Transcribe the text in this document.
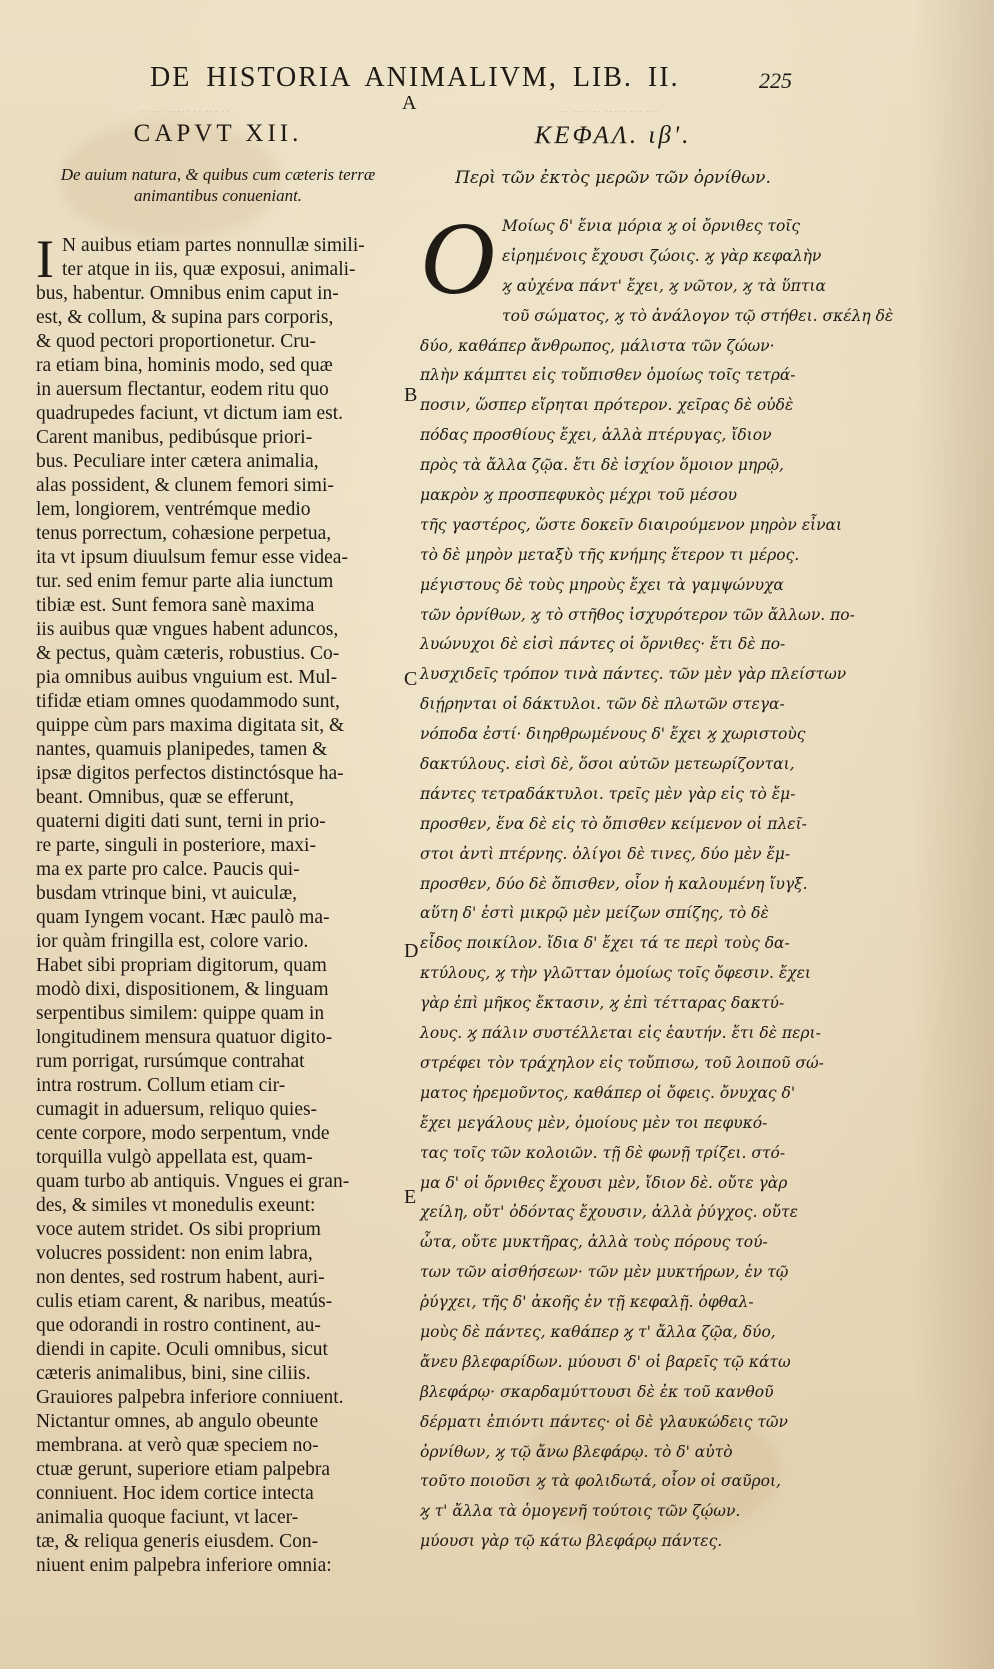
·· ··· ····· ·· ··· ··	·· ···· ·· ····· ··· ···
DE HISTORIA ANIMALIVM, LIB. II.	225
CAPVT XII.
De auium natura, & quibus cum cæteris terræ
animantibus conueniant.
I N auibus etiam partes nonnullæ simili-
ter atque in iis, quæ exposui, animali-
bus, habentur. Omnibus enim caput in-
est, & collum, & supina pars corporis,
& quod pectori proportionetur. Cru-
ra etiam bina, hominis modo, sed quæ
in auersum flectantur, eodem ritu quo
quadrupedes faciunt, vt dictum iam est.
Carent manibus, pedibúsque priori-
bus. Peculiare inter cætera animalia,
alas possident, & clunem femori simi-
lem, longiorem, ventrémque medio
tenus porrectum, cohæsione perpetua,
ita vt ipsum diuulsum femur esse videa-
tur. sed enim femur parte alia iunctum
tibiæ est. Sunt femora sanè maxima
iis auibus quæ vngues habent aduncos,
& pectus, quàm cæteris, robustius. Co-
pia omnibus auibus vnguium est. Mul-
tifidæ etiam omnes quodammodo sunt,
quippe cùm pars maxima digitata sit, &
nantes, quamuis planipedes, tamen &
ipsæ digitos perfectos distinctósque ha-
beant. Omnibus, quæ se efferunt,
quaterni digiti dati sunt, terni in prio-
re parte, singuli in posteriore, maxi-
ma ex parte pro calce. Paucis qui-
busdam vtrinque bini, vt auiculæ,
quam Iyngem vocant. Hæc paulò ma-
ior quàm fringilla est, colore vario.
Habet sibi propriam digitorum, quam
modò dixi, dispositionem, & linguam
serpentibus similem: quippe quam in
longitudinem mensura quatuor digito-
rum porrigat, rursúmque contrahat
intra rostrum. Collum etiam cir-
cumagit in aduersum, reliquo quies-
cente corpore, modo serpentum, vnde
torquilla vulgò appellata est, quam-
quam turbo ab antiquis. Vngues ei gran-
des, & similes vt monedulis exeunt:
voce autem stridet. Os sibi proprium
volucres possident: non enim labra,
non dentes, sed rostrum habent, auri-
culis etiam carent, & naribus, meatús-
que odorandi in rostro continent, au-
diendi in capite. Oculi omnibus, sicut
cæteris animalibus, bini, sine ciliis.
Grauiores palpebra inferiore conniuent.
Nictantur omnes, ab angulo obeunte
membrana. at verò quæ speciem no-
ctuæ gerunt, superiore etiam palpebra
conniuent. Hoc idem cortice intecta
animalia quoque faciunt, vt lacer-
tæ, & reliqua generis eiusdem. Con-
niuent enim palpebra inferiore omnia:
A
B
C
D
E
ΚΕΦΑΛ. ιβ'.
Περὶ τῶν ἐκτὸς μερῶν τῶν ὀρνίθων.
Ο Μοίως δ' ἔνια μόρια ϗ οἱ ὄρνιθες τοῖς
εἰρημένοις ἔχουσι ζώοις. ϗ γὰρ κεφαλὴν
ϗ αὐχένα πάντ' ἔχει, ϗ νῶτον, ϗ τὰ ὕπτια
τοῦ σώματος, ϗ τὸ ἀνάλογον τῷ στήθει. σκέλη δὲ
δύο, καθάπερ ἄνθρωπος, μάλιστα τῶν ζώων·
πλὴν κάμπτει εἰς τοὔπισθεν ὁμοίως τοῖς τετρά-
ποσιν, ὥσπερ εἴρηται πρότερον. χεῖρας δὲ οὐδὲ
πόδας προσθίους ἔχει, ἀλλὰ πτέρυγας, ἴδιον
πρὸς τὰ ἄλλα ζῷα. ἔτι δὲ ἰσχίον ὅμοιον μηρῷ,
μακρὸν ϗ προσπεφυκὸς μέχρι τοῦ μέσου
τῆς γαστέρος, ὥστε δοκεῖν διαιρούμενον μηρὸν εἶναι
τὸ δὲ μηρὸν μεταξὺ τῆς κνήμης ἕτερον τι μέρος.
μέγιστους δὲ τοὺς μηροὺς ἔχει τὰ γαμψώνυχα
τῶν ὀρνίθων, ϗ τὸ στῆθος ἰσχυρότερον τῶν ἄλλων. πο-
λυώνυχοι δὲ εἰσὶ πάντες οἱ ὄρνιθες· ἔτι δὲ πο-
λυσχιδεῖς τρόπον τινὰ πάντες. τῶν μὲν γὰρ πλείστων
διῄρηνται οἱ δάκτυλοι. τῶν δὲ πλωτῶν στεγα-
νόποδα ἐστί· διηρθρωμένους δ' ἔχει ϗ χωριστοὺς
δακτύλους. εἰσὶ δὲ, ὅσοι αὐτῶν μετεωρίζονται,
πάντες τετραδάκτυλοι. τρεῖς μὲν γὰρ εἰς τὸ ἔμ-
προσθεν, ἕνα δὲ εἰς τὸ ὄπισθεν κείμενον οἱ πλεῖ-
στοι ἀντὶ πτέρνης. ὀλίγοι δὲ τινες, δύο μὲν ἔμ-
προσθεν, δύο δὲ ὄπισθεν, οἷον ἡ καλουμένη ἴυγξ.
αὕτη δ' ἐστὶ μικρῷ μὲν μείζων σπίζης, τὸ δὲ
εἶδος ποικίλον. ἴδια δ' ἔχει τά τε περὶ τοὺς δα-
κτύλους, ϗ τὴν γλῶτταν ὁμοίως τοῖς ὄφεσιν. ἔχει
γὰρ ἐπὶ μῆκος ἔκτασιν, ϗ ἐπὶ τέτταρας δακτύ-
λους. ϗ πάλιν συστέλλεται εἰς ἑαυτήν. ἔτι δὲ περι-
στρέφει τὸν τράχηλον εἰς τοὔπισω, τοῦ λοιποῦ σώ-
ματος ἠρεμοῦντος, καθάπερ οἱ ὄφεις. ὄνυχας δ'
ἔχει μεγάλους μὲν, ὁμοίους μὲν τοι πεφυκό-
τας τοῖς τῶν κολοιῶν. τῇ δὲ φωνῇ τρίζει. στό-
μα δ' οἱ ὄρνιθες ἔχουσι μὲν, ἴδιον δὲ. οὔτε γὰρ
χείλη, οὔτ' ὀδόντας ἔχουσιν, ἀλλὰ ῥύγχος. οὔτε
ὦτα, οὔτε μυκτῆρας, ἀλλὰ τοὺς πόρους τού-
των τῶν αἰσθήσεων· τῶν μὲν μυκτήρων, ἐν τῷ
ῥύγχει, τῆς δ' ἀκοῆς ἐν τῇ κεφαλῇ. ὀφθαλ-
μοὺς δὲ πάντες, καθάπερ ϗ τ' ἄλλα ζῷα, δύο,
ἄνευ βλεφαρίδων. μύουσι δ' οἱ βαρεῖς τῷ κάτω
βλεφάρῳ· σκαρδαμύττουσι δὲ ἐκ τοῦ κανθοῦ
δέρματι ἐπιόντι πάντες· οἱ δὲ γλαυκώδεις τῶν
ὀρνίθων, ϗ τῷ ἄνω βλεφάρῳ. τὸ δ' αὐτὸ
τοῦτο ποιοῦσι ϗ τὰ φολιδωτά, οἷον οἱ σαῦροι,
ϗ τ' ἄλλα τὰ ὁμογενῆ τούτοις τῶν ζῴων.
μύουσι γὰρ τῷ κάτω βλεφάρῳ πάντες.
